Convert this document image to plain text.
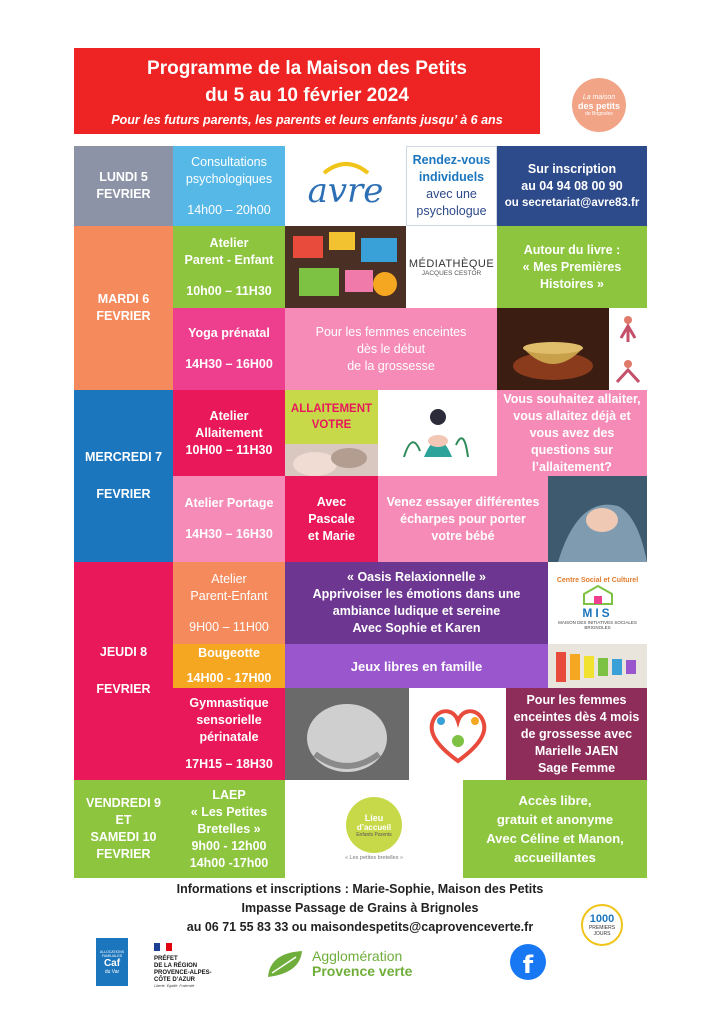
Programme de la Maison des Petits
du 5 au 10 février 2024
Pour les futurs parents, les parents et leurs enfants jusqu’ à 6 ans
La maison
des petits
de Brignoles
LUNDI 5
FEVRIER
Consultations
psychologiques
14h00 – 20h00 avre
Rendez-vous
individuels
avec une
psychologue
Sur inscription
au 04 94 08 00 90
ou secretariat@avre83.fr
MARDI 6
FEVRIER
Atelier
Parent - Enfant
10h00 – 11H30
MÉDIATHÈQUE
JACQUES CESTOR
Autour du livre :
« Mes Premières
Histoires »
Yoga prénatal
14H30 – 16H00
Pour les femmes enceintes
dès le début
de la grossesse
MERCREDI 7
FEVRIER
Atelier
Allaitement
10H00 – 11H30
ALLAITEMENT
VOTRE
Vous souhaitez allaiter,
vous allaitez déjà et
vous avez des
questions sur
l’allaitement?
Atelier Portage
14H30 – 16H30
Avec
Pascale
et Marie
Venez essayer différentes
écharpes pour porter
votre bébé
JEUDI 8
FEVRIER
Atelier
Parent-Enfant
9H00 – 11H00
« Oasis Relaxionnelle »
Apprivoiser les émotions dans une
ambiance ludique et sereine
Avec Sophie et Karen
Centre Social et Culturel
MIS
MAISON DES INITIATIVES SOCIALES
BRIGNOLES
Bougeotte
14H00 - 17H00
Jeux libres en famille
Gymnastique
sensorielle
périnatale
17H15 – 18H30
Pour les femmes
enceintes dès 4 mois
de grossesse avec
Marielle JAEN
Sage Femme
VENDREDI 9
ET
SAMEDI 10
FEVRIER
LAEP
« Les Petites
Bretelles »
9h00 - 12h00
14h00 -17h00
Lieu
d’accueil
Enfants Parents
« Les petites bretelles »
Accès libre,
gratuit et anonyme
Avec Céline et Manon,
accueillantes
Informations et inscriptions : Marie-Sophie, Maison des Petits
Impasse Passage de Grains à Brignoles
au 06 71 55 83 33 ou maisondespetits@caprovenceverte.fr
1000
PREMIERS
JOURS
ALLOCATIONS
FAMILIALES
Caf
du Var
PRÉFET
DE LA RÉGION
PROVENCE-ALPES-
CÔTE D’AZUR
Liberté Égalité Fraternité
Agglomération
Provence verte	f
